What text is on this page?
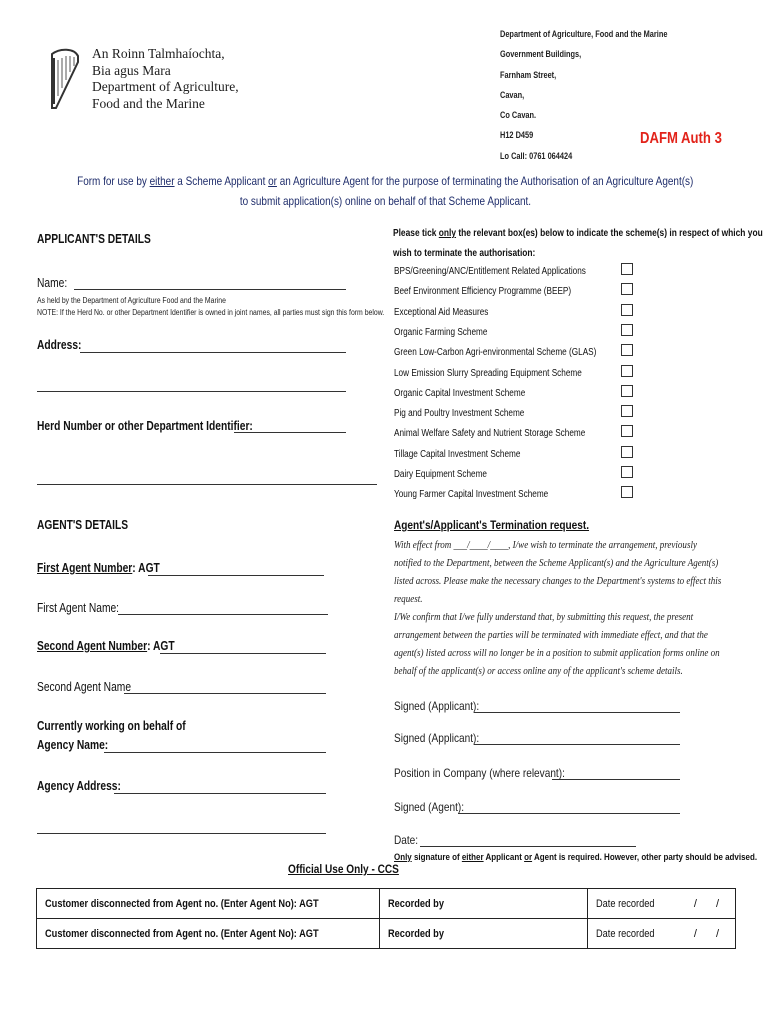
An Roinn Talmhaíochta,
Bia agus Mara
Department of Agriculture,
Food and the Marine
Department of Agriculture, Food and the Marine
Government Buildings,
Farnham Street,
Cavan,
Co Cavan.
H12 D459
Lo Call: 0761 064424
DAFM Auth 3
Form for use by either a Scheme Applicant or an Agriculture Agent for the purpose of terminating the Authorisation of an Agriculture Agent(s)
to submit application(s) online on behalf of that Scheme Applicant.
APPLICANT'S DETAILS
Name:
As held by the Department of Agriculture Food and the Marine
NOTE: If the Herd No. or other Department Identifier is owned in joint names, all parties must sign this form below.
Address:
Herd Number or other Department Identifier:
AGENT'S DETAILS
First Agent Number: AGT
First Agent Name:
Second Agent Number: AGT
Second Agent Name
Currently working on behalf of
Agency Name:
Agency Address:
Please tick only the relevant box(es) below to indicate the scheme(s) in respect of which you
wish to terminate the authorisation:
BPS/Greening/ANC/Entitlement Related Applications
Beef Environment Efficiency Programme (BEEP)
Exceptional Aid Measures
Organic Farming Scheme
Green Low-Carbon Agri-environmental Scheme (GLAS)
Low Emission Slurry Spreading Equipment Scheme
Organic Capital Investment Scheme
Pig and Poultry Investment Scheme
Animal Welfare Safety and Nutrient Storage Scheme
Tillage Capital Investment Scheme
Dairy Equipment Scheme
Young Farmer Capital Investment Scheme
Agent's/Applicant's Termination request.
With effect from ___/____/____, I/we wish to terminate the arrangement, previously
notified to the Department, between the Scheme Applicant(s) and the Agriculture Agent(s)
listed across. Please make the necessary changes to the Department's systems to effect this
request.
I/We confirm that I/we fully understand that, by submitting this request, the present
arrangement between the parties will be terminated with immediate effect, and that the
agent(s) listed across will no longer be in a position to submit application forms online on
behalf of the applicant(s) or access online any of the applicant's scheme details.
Signed (Applicant):
Signed (Applicant):
Position in Company (where relevant):
Signed (Agent):
Date:
Only signature of either Applicant or Agent is required. However, other party should be advised.
Official Use Only - CCS
Customer disconnected from Agent no. (Enter Agent No): AGT	Recorded by	Date recorded / /
Customer disconnected from Agent no. (Enter Agent No): AGT	Recorded by	Date recorded / /
